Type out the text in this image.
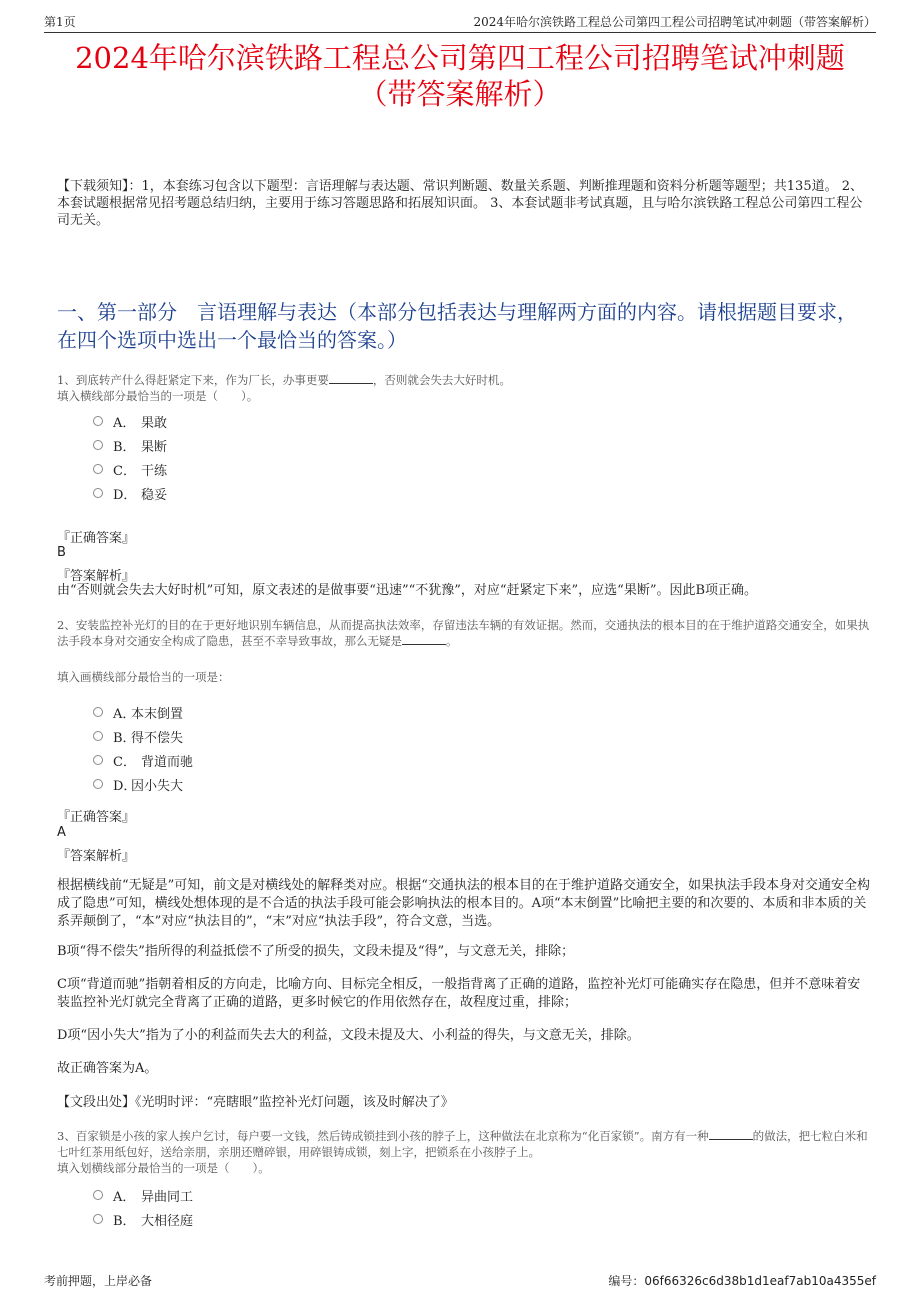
第1页	2024年哈尔滨铁路工程总公司第四工程公司招聘笔试冲刺题（带答案解析）
2024年哈尔滨铁路工程总公司第四工程公司招聘笔试冲刺题
（带答案解析）
【下载须知】：1，本套练习包含以下题型：言语理解与表达题、常识判断题、数量关系题、判断推理题和资料分析题等题型；共135道。 2、本套试题根据常见招考题总结归纳，主要用于练习答题思路和拓展知识面。 3、本套试题非考试真题，且与哈尔滨铁路工程总公司第四工程公司无关。
一、第一部分　言语理解与表达（本部分包括表达与理解两方面的内容。请根据题目要求，在四个选项中选出一个最恰当的答案。）
1、到底转产什么得赶紧定下来，作为厂长，办事更要	，否则就会失去大好时机。
填入横线部分最恰当的一项是（　　）。
A． 果敢
B． 果断
C． 干练
D． 稳妥
『正确答案』
B
『答案解析』
由“否则就会失去大好时机”可知，原文表述的是做事要“迅速”“不犹豫”，对应“赶紧定下来”，应选“果断”。因此B项正确。
2、安装监控补光灯的目的在于更好地识别车辆信息，从而提高执法效率，存留违法车辆的有效证据。然而，交通执法的根本目的在于维护道路交通安全，如果执法手段本身对交通安全构成了隐患，甚至不幸导致事故，那么无疑是	。
填入画横线部分最恰当的一项是：
A．
本末倒置
B．
得不偿失
C． 背道而驰
D．
因小失大
『正确答案』
A
『答案解析』
根据横线前“无疑是”可知，前文是对横线处的解释类对应。根据“交通执法的根本目的在于维护道路交通安全，如果执法手段本身对交通安全构成了隐患”可知，横线处想体现的是不合适的执法手段可能会影响执法的根本目的。A项“本末倒置”比喻把主要的和次要的、本质和非本质的关系弄颠倒了，“本”对应“执法目的”，“末”对应“执法手段”，符合文意，当选。
B项“得不偿失”指所得的利益抵偿不了所受的损失，文段未提及“得”，与文意无关，排除；
C项“背道而驰”指朝着相反的方向走，比喻方向、目标完全相反，一般指背离了正确的道路，监控补光灯可能确实存在隐患，但并不意味着安装监控补光灯就完全背离了正确的道路，更多时候它的作用依然存在，故程度过重，排除；
D项“因小失大”指为了小的利益而失去大的利益，文段未提及大、小利益的得失，与文意无关，排除。
故正确答案为A。
【文段出处】《光明时评：“亮瞎眼”监控补光灯问题，该及时解决了》
3、百家锁是小孩的家人挨户乞讨，每户要一文钱，然后铸成锁挂到小孩的脖子上，这种做法在北京称为“化百家锁”。南方有一种	的做法，把七粒白米和七叶红茶用纸包好，送给亲朋，亲朋还赠碎银，用碎银铸成锁，刻上字，把锁系在小孩脖子上。
填入划横线部分最恰当的一项是（　　）。
A． 异曲同工
B． 大相径庭
考前押题，上岸必备	编号：06f66326c6d38b1d1eaf7ab10a4355ef
